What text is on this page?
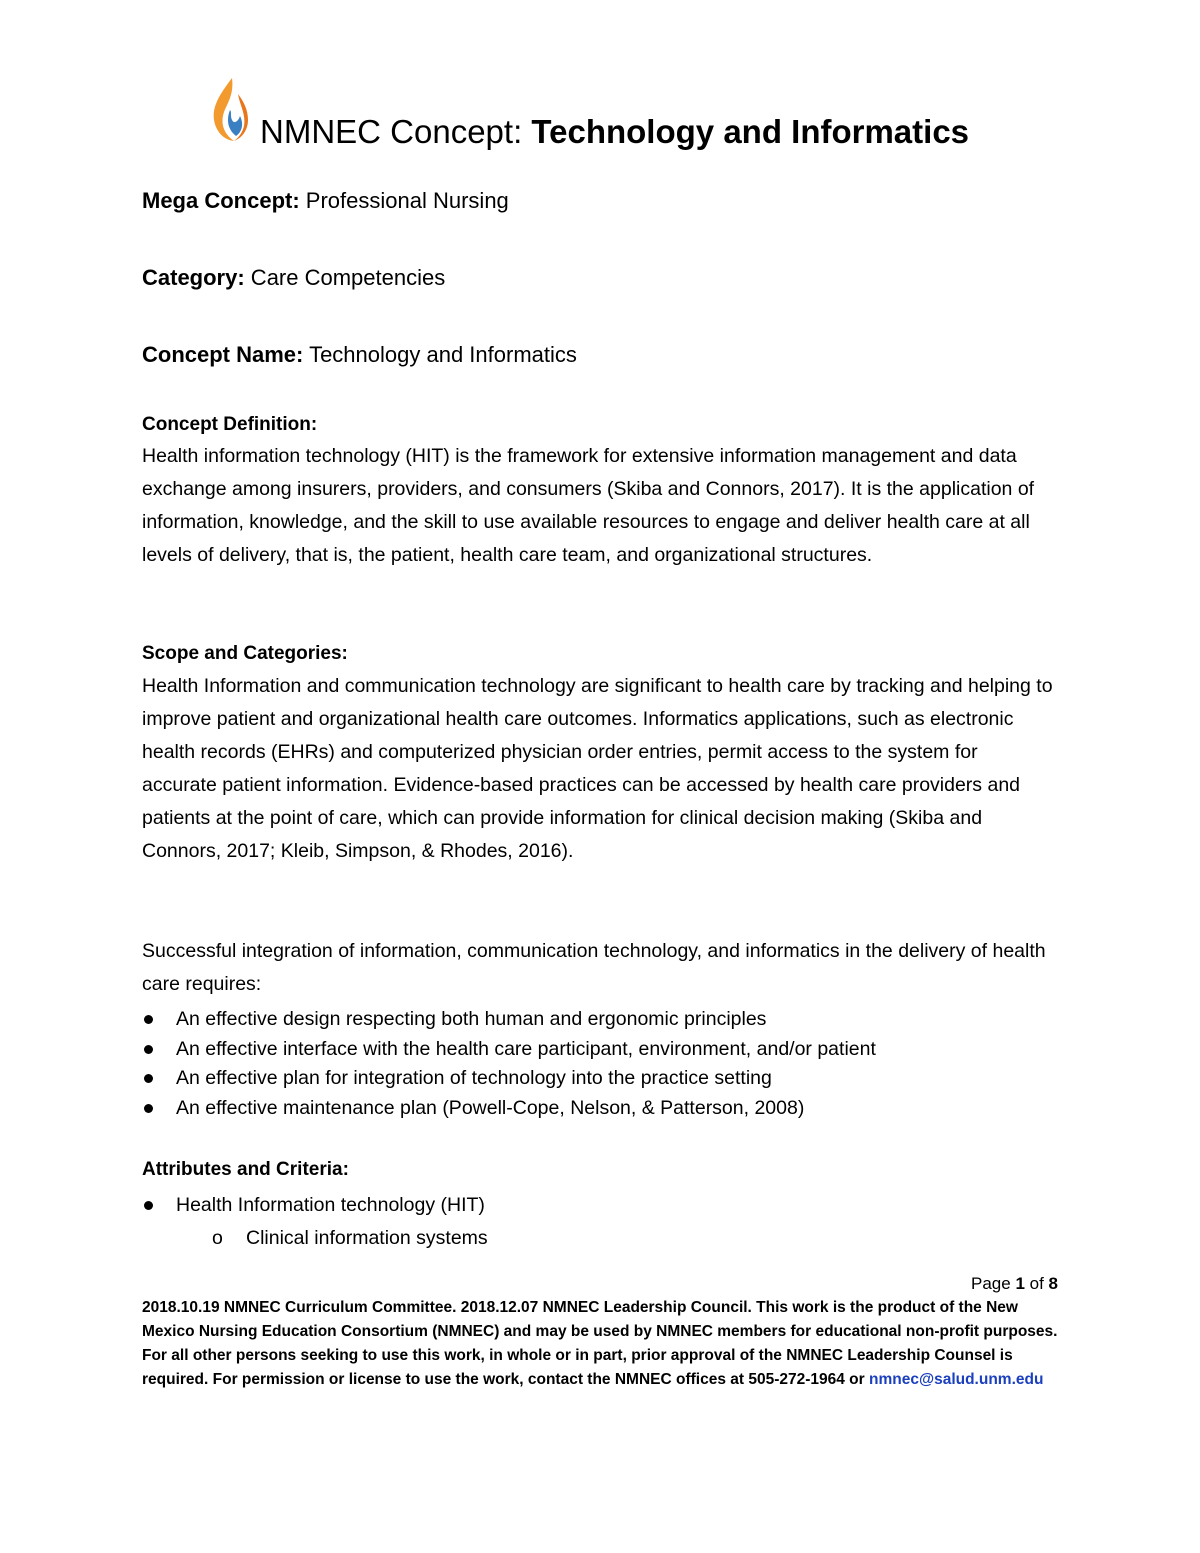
NMNEC Concept: Technology and Informatics
Mega Concept: Professional Nursing
Category: Care Competencies
Concept Name: Technology and Informatics
Concept Definition:
Health information technology (HIT) is the framework for extensive information management and data exchange among insurers, providers, and consumers (Skiba and Connors, 2017). It is the application of information, knowledge, and the skill to use available resources to engage and deliver health care at all levels of delivery, that is, the patient, health care team, and organizational structures.
Scope and Categories:
Health Information and communication technology are significant to health care by tracking and helping to improve patient and organizational health care outcomes. Informatics applications, such as electronic health records (EHRs) and computerized physician order entries, permit access to the system for accurate patient information. Evidence-based practices can be accessed by health care providers and patients at the point of care, which can provide information for clinical decision making (Skiba and Connors, 2017; Kleib, Simpson, & Rhodes, 2016).
Successful integration of information, communication technology, and informatics in the delivery of health care requires:
An effective design respecting both human and ergonomic principles
An effective interface with the health care participant, environment, and/or patient
An effective plan for integration of technology into the practice setting
An effective maintenance plan (Powell-Cope, Nelson, & Patterson, 2008)
Attributes and Criteria:
Health Information technology (HIT)
o Clinical information systems
Page 1 of 8
2018.10.19 NMNEC Curriculum Committee. 2018.12.07 NMNEC Leadership Council. This work is the product of the New Mexico Nursing Education Consortium (NMNEC) and may be used by NMNEC members for educational non-profit purposes. For all other persons seeking to use this work, in whole or in part, prior approval of the NMNEC Leadership Counsel is required. For permission or license to use the work, contact the NMNEC offices at 505-272-1964 or nmnec@salud.unm.edu
